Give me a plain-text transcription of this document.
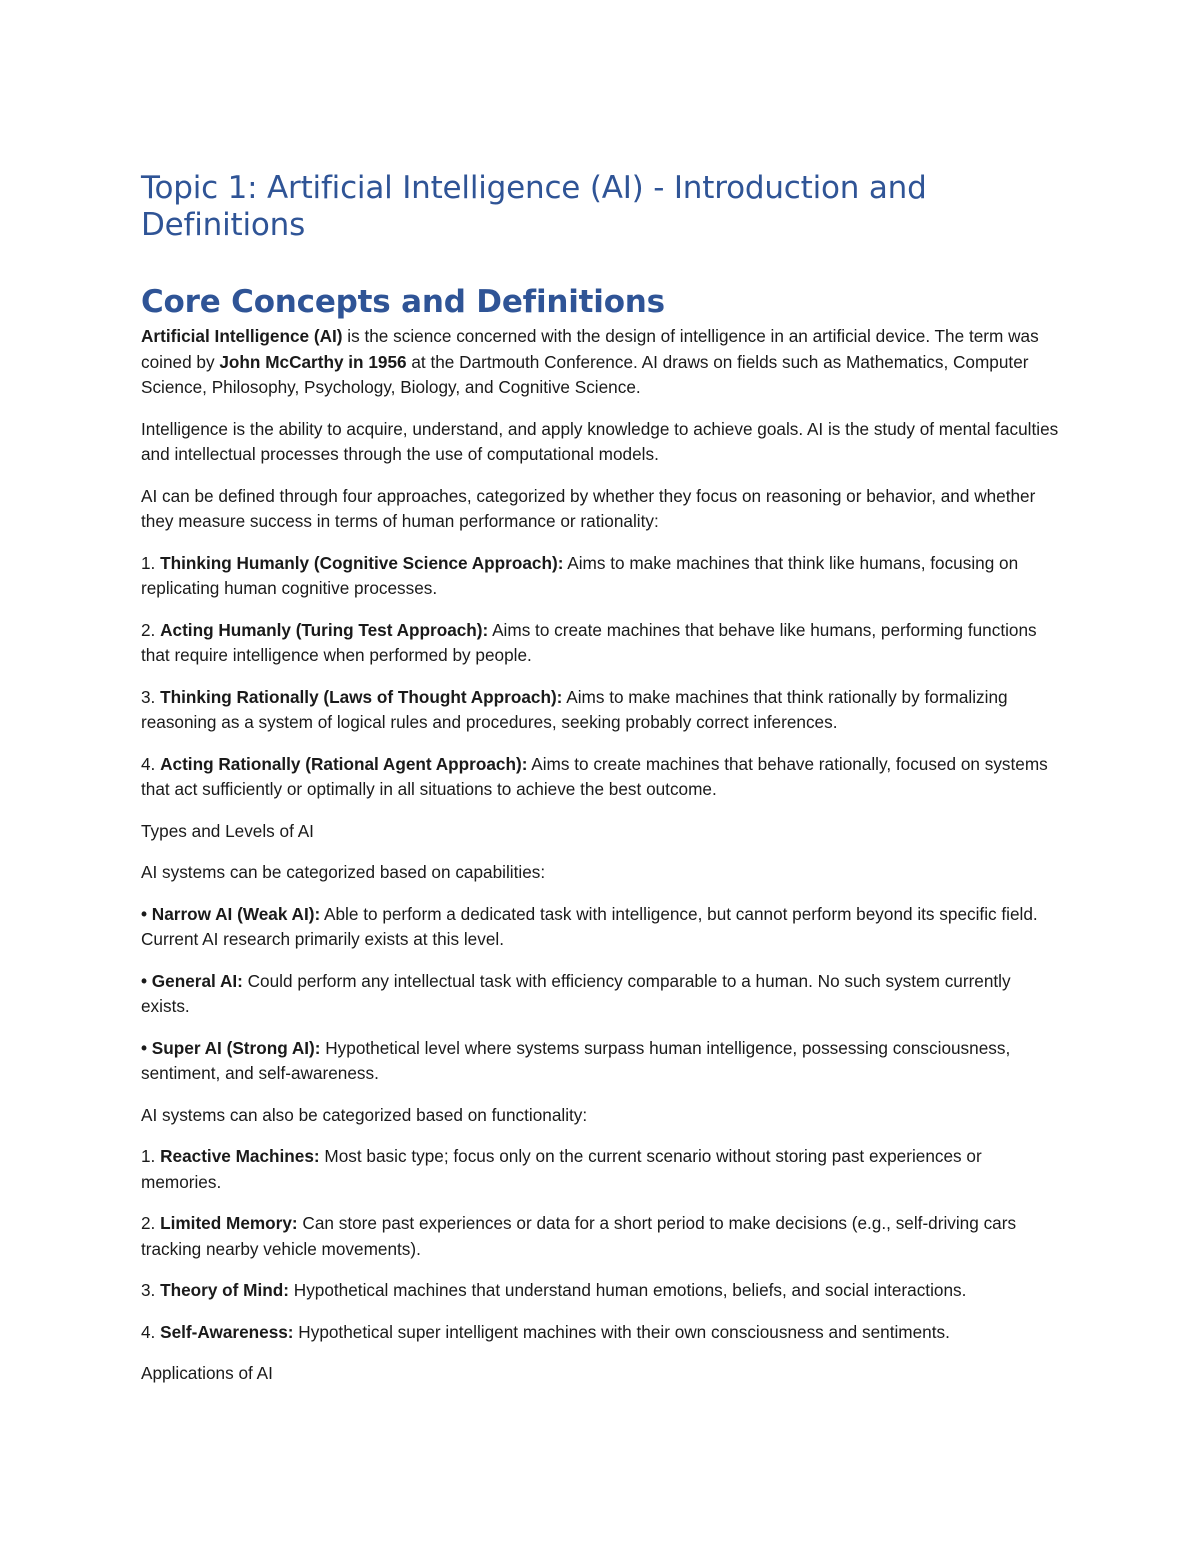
Topic 1: Artificial Intelligence (AI) - Introduction and Definitions
Core Concepts and Definitions

Artificial Intelligence (AI) is the science concerned with the design of intelligence in an artificial device. The term was coined by John McCarthy in 1956 at the Dartmouth Conference. AI draws on fields such as Mathematics, Computer Science, Philosophy, Psychology, Biology, and Cognitive Science.

Intelligence is the ability to acquire, understand, and apply knowledge to achieve goals. AI is the study of mental faculties and intellectual processes through the use of computational models.

AI can be defined through four approaches, categorized by whether they focus on reasoning or behavior, and whether they measure success in terms of human performance or rationality:

1. Thinking Humanly (Cognitive Science Approach): Aims to make machines that think like humans, focusing on replicating human cognitive processes.

2. Acting Humanly (Turing Test Approach): Aims to create machines that behave like humans, performing functions that require intelligence when performed by people.

3. Thinking Rationally (Laws of Thought Approach): Aims to make machines that think rationally by formalizing reasoning as a system of logical rules and procedures, seeking probably correct inferences.

4. Acting Rationally (Rational Agent Approach): Aims to create machines that behave rationally, focused on systems that act sufficiently or optimally in all situations to achieve the best outcome.

Types and Levels of AI

AI systems can be categorized based on capabilities:

• Narrow AI (Weak AI): Able to perform a dedicated task with intelligence, but cannot perform beyond its specific field. Current AI research primarily exists at this level.

• General AI: Could perform any intellectual task with efficiency comparable to a human. No such system currently exists.

• Super AI (Strong AI): Hypothetical level where systems surpass human intelligence, possessing consciousness, sentiment, and self-awareness.

AI systems can also be categorized based on functionality:

1. Reactive Machines: Most basic type; focus only on the current scenario without storing past experiences or memories.

2. Limited Memory: Can store past experiences or data for a short period to make decisions (e.g., self-driving cars tracking nearby vehicle movements).

3. Theory of Mind: Hypothetical machines that understand human emotions, beliefs, and social interactions.

4. Self-Awareness: Hypothetical super intelligent machines with their own consciousness and sentiments.

Applications of AI
